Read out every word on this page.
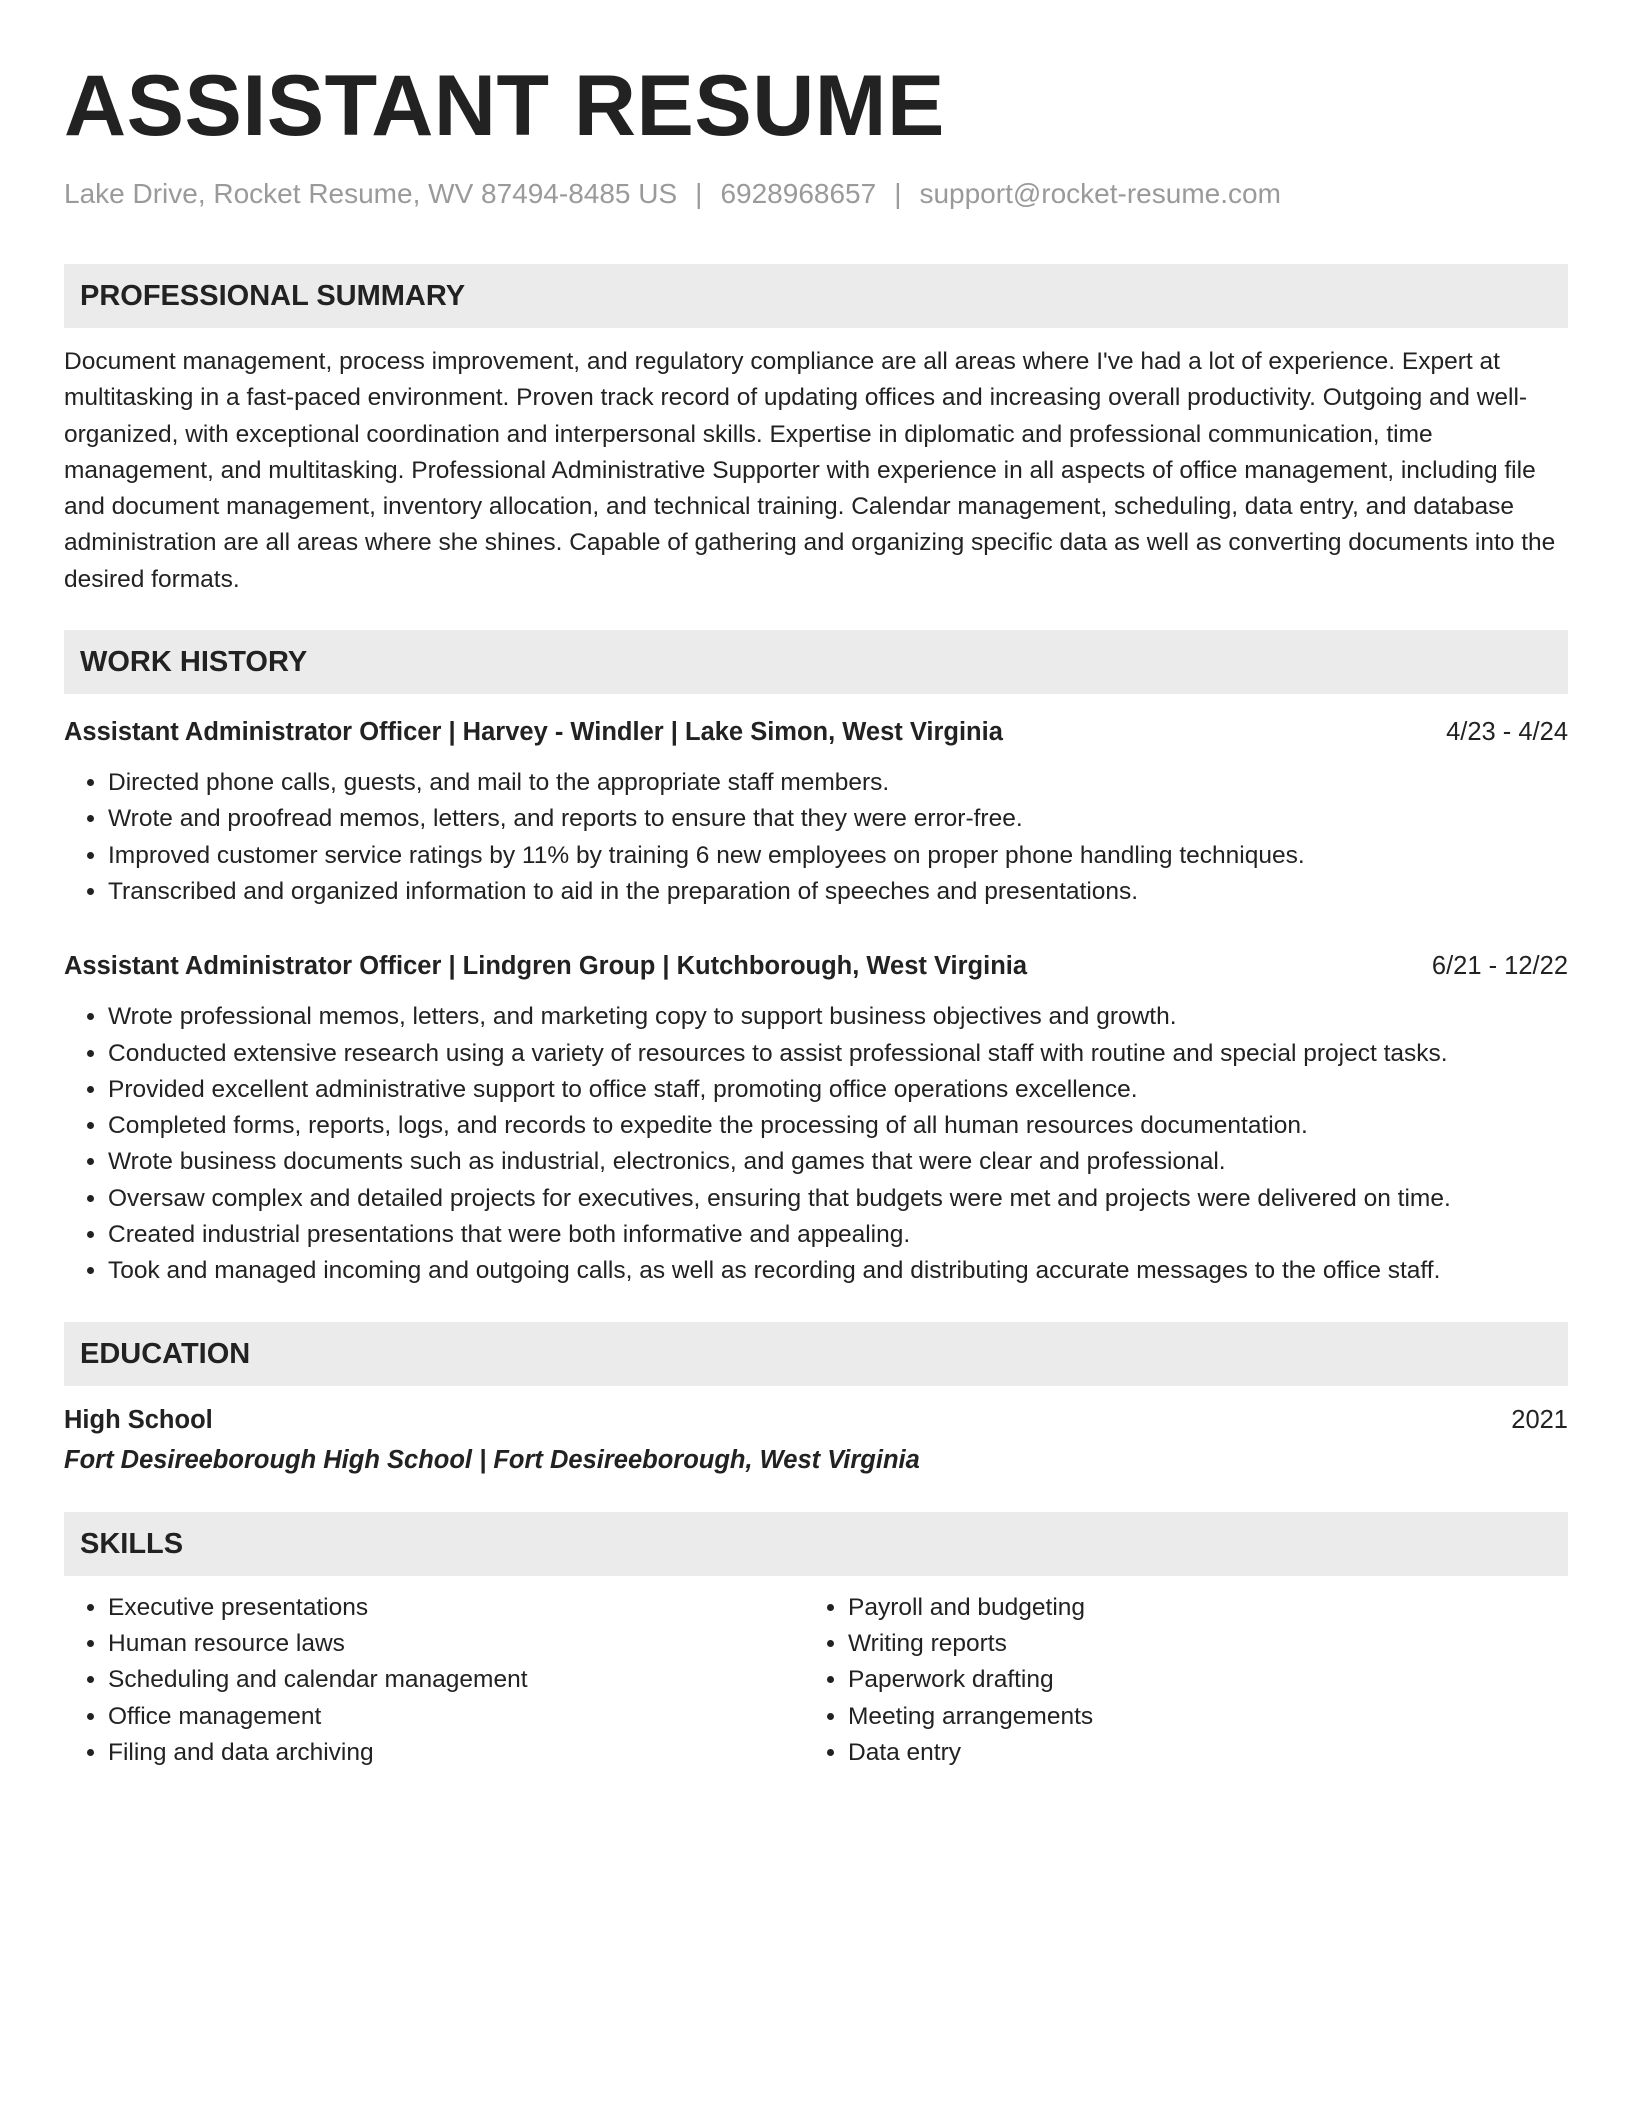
ASSISTANT RESUME
Lake Drive, Rocket Resume, WV 87494-8485 US | 6928968657 | support@rocket-resume.com
PROFESSIONAL SUMMARY
Document management, process improvement, and regulatory compliance are all areas where I've had a lot of experience. Expert at multitasking in a fast-paced environment. Proven track record of updating offices and increasing overall productivity. Outgoing and well-organized, with exceptional coordination and interpersonal skills. Expertise in diplomatic and professional communication, time management, and multitasking. Professional Administrative Supporter with experience in all aspects of office management, including file and document management, inventory allocation, and technical training. Calendar management, scheduling, data entry, and database administration are all areas where she shines. Capable of gathering and organizing specific data as well as converting documents into the desired formats.
WORK HISTORY
Assistant Administrator Officer | Harvey - Windler | Lake Simon, West Virginia	4/23 - 4/24
• Directed phone calls, guests, and mail to the appropriate staff members.
• Wrote and proofread memos, letters, and reports to ensure that they were error-free.
• Improved customer service ratings by 11% by training 6 new employees on proper phone handling techniques.
• Transcribed and organized information to aid in the preparation of speeches and presentations.
Assistant Administrator Officer | Lindgren Group | Kutchborough, West Virginia	6/21 - 12/22
• Wrote professional memos, letters, and marketing copy to support business objectives and growth.
• Conducted extensive research using a variety of resources to assist professional staff with routine and special project tasks.
• Provided excellent administrative support to office staff, promoting office operations excellence.
• Completed forms, reports, logs, and records to expedite the processing of all human resources documentation.
• Wrote business documents such as industrial, electronics, and games that were clear and professional.
• Oversaw complex and detailed projects for executives, ensuring that budgets were met and projects were delivered on time.
• Created industrial presentations that were both informative and appealing.
• Took and managed incoming and outgoing calls, as well as recording and distributing accurate messages to the office staff.
EDUCATION
High School	2021
Fort Desireeborough High School | Fort Desireeborough, West Virginia
SKILLS
• Executive presentations
• Human resource laws
• Scheduling and calendar management
• Office management
• Filing and data archiving
• Payroll and budgeting
• Writing reports
• Paperwork drafting
• Meeting arrangements
• Data entry
